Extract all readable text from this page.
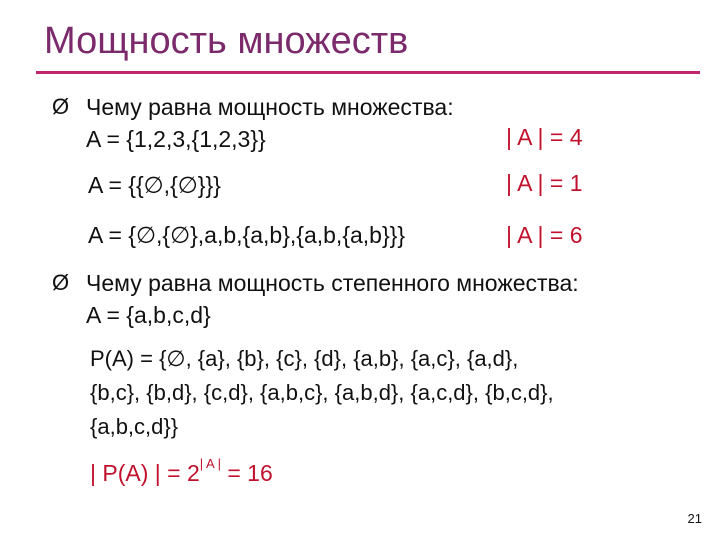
Мощность множеств
Ø Чему равна мощность множества:
A = {1,2,3,{1,2,3}}	| A | = 4
A = {{∅,{∅}}}	| A | = 1
A = {∅,{∅},a,b,{a,b},{a,b,{a,b}}}	| A | = 6
Ø Чему равна мощность степенного множества:
A = {a,b,c,d}
P(A) = {∅, {a}, {b}, {c}, {d}, {a,b}, {a,c}, {a,d},
{b,c}, {b,d}, {c,d}, {a,b,c}, {a,b,d}, {a,c,d}, {b,c,d},
{a,b,c,d}}
| P(A) | = $2^{| A |} = 16$
21
